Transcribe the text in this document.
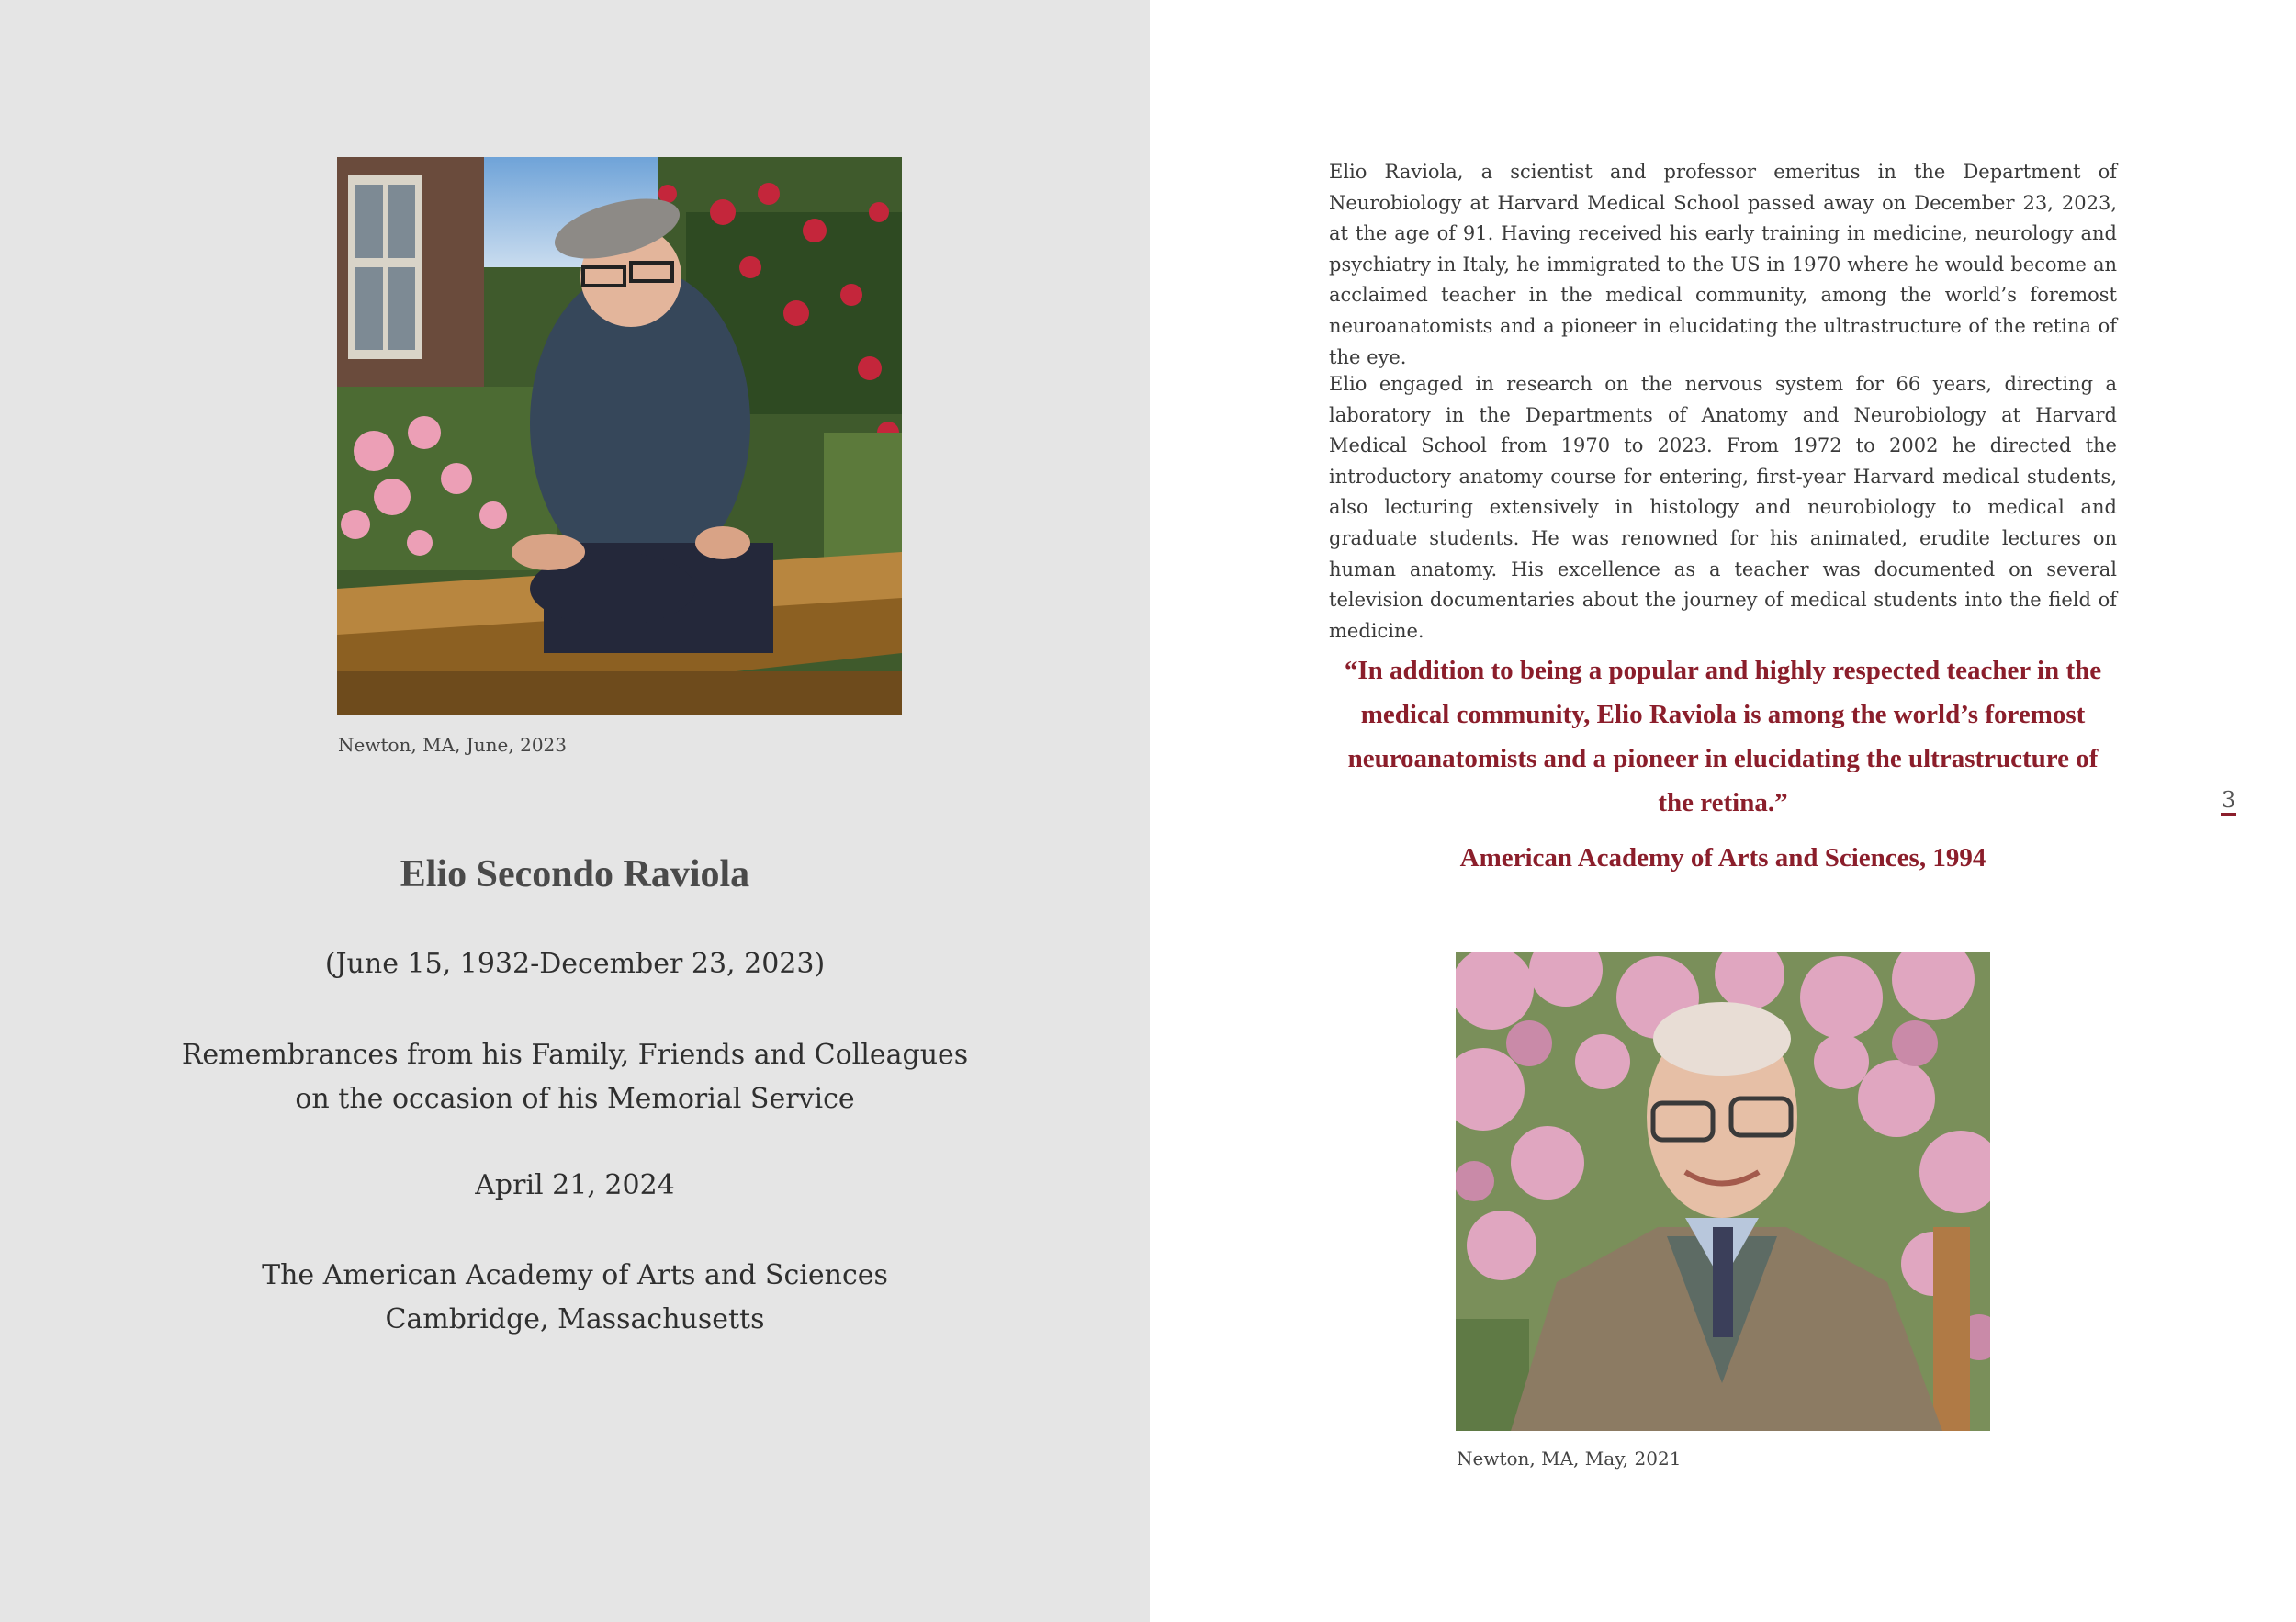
Newton, MA, June, 2023
Elio Secondo Raviola
(June 15, 1932-December 23, 2023)
Remembrances from his Family, Friends and Colleagues
on the occasion of his Memorial Service
April 21, 2024
The American Academy of Arts and Sciences
Cambridge, Massachusetts

Elio Raviola, a scientist and professor emeritus in the Department of Neurobiology at Harvard Medical School passed away on December 23, 2023, at the age of 91. Having received his early training in medicine, neurology and psychiatry in Italy, he immigrated to the US in 1970 where he would become an acclaimed teacher in the medical community, among the world’s foremost neuroanatomists and a pioneer in elucidating the ultrastructure of the retina of the eye.

Elio engaged in research on the nervous system for 66 years, directing a laboratory in the Departments of Anatomy and Neurobiology at Harvard Medical School from 1970 to 2023. From 1972 to 2002 he directed the introductory anatomy course for entering, first-year Harvard medical students, also lecturing extensively in histology and neurobiology to medical and graduate students. He was renowned for his animated, erudite lectures on human anatomy. His excellence as a teacher was documented on several television documentaries about the journey of medical students into the field of medicine.

“In addition to being a popular and highly respected teacher in the medical community, Elio Raviola is among the world’s foremost neuroanatomists and a pioneer in elucidating the ultrastructure of the retina.”

American Academy of Arts and Sciences, 1994
3
Newton, MA, May, 2021
